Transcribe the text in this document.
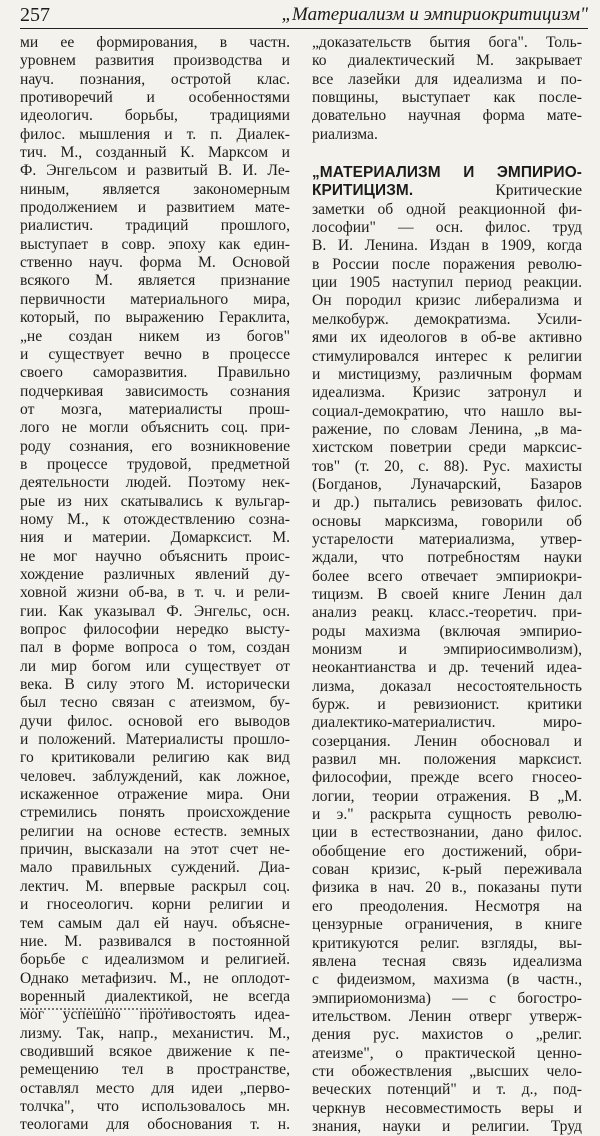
257	„Материализм и эмпириокритицизм"
ми ее формирования, в частн.
уровнем развития производства и
науч. познания, остротой клас.
противоречий и особенностями
идеологич. борьбы, традициями
филос. мышления и т. п. Диалек-
тич. М., созданный К. Марксом и
Ф. Энгельсом и развитый В. И. Ле-
ниным, является закономерным
продолжением и развитием мате-
риалистич. традиций прошлого,
выступает в совр. эпоху как един-
ственно науч. форма М. Основой
всякого М. является признание
первичности материального мира,
который, по выражению Гераклита,
„не создан никем из богов"
и существует вечно в процессе
своего саморазвития. Правильно
подчеркивая зависимость сознания
от мозга, материалисты прош-
лого не могли объяснить соц. при-
роду сознания, его возникновение
в процессе трудовой, предметной
деятельности людей. Поэтому нек-
рые из них скатывались к вульгар-
ному М., к отождествлению созна-
ния и материи. Домарксист. М.
не мог научно объяснить проис-
хождение различных явлений ду-
ховной жизни об-ва, в т. ч. и рели-
гии. Как указывал Ф. Энгельс, осн.
вопрос философии нередко высту-
пал в форме вопроса о том, создан
ли мир богом или существует от
века. В силу этого М. исторически
был тесно связан с атеизмом, бу-
дучи филос. основой его выводов
и положений. Материалисты прошло-
го критиковали религию как вид
человеч. заблуждений, как ложное,
искаженное отражение мира. Они
стремились понять происхождение
религии на основе естеств. земных
причин, высказали на этот счет не-
мало правильных суждений. Диа-
лектич. М. впервые раскрыл соц.
и гносеологич. корни религии и
тем самым дал ей науч. объясне-
ние. М. развивался в постоянной
борьбе с идеализмом и религией.
Однако метафизич. М., не оплодот-
воренный диалектикой, не всегда
мог успешно противостоять идеа-
лизму. Так, напр., механистич. М.,
сводивший всякое движение к пе-
ремещению тел в пространстве,
оставлял место для идеи „перво-
толчка", что использовалось мн.
теологами для обоснования т. н.
„доказательств бытия бога". Толь-
ко диалектический М. закрывает
все лазейки для идеализма и по-
повщины, выступает как после-
довательно научная форма мате-
риализма.
„МАТЕРИАЛИЗМ И ЭМПИРИО-
КРИТИЦИЗМ. Критические
заметки об одной реакционной фи-
лософии" — осн. филос. труд
В. И. Ленина. Издан в 1909, когда
в России после поражения револю-
ции 1905 наступил период реакции.
Он породил кризис либерализма и
мелкобурж. демократизма. Усили-
ями их идеологов в об-ве активно
стимулировался интерес к религии
и мистицизму, различным формам
идеализма. Кризис затронул и
социал-демократию, что нашло вы-
ражение, по словам Ленина, „в ма-
хистском поветрии среди марксис-
тов" (т. 20, с. 88). Рус. махисты
(Богданов, Луначарский, Базаров
и др.) пытались ревизовать филос.
основы марксизма, говорили об
устарелости материализма, утвер-
ждали, что потребностям науки
более всего отвечает эмпириокри-
тицизм. В своей книге Ленин дал
анализ реакц. класс.-теоретич. при-
роды махизма (включая эмпирио-
монизм и эмпириосимволизм),
неокантианства и др. течений идеа-
лизма, доказал несостоятельность
бурж. и ревизионист. критики
диалектико-материалистич. миро-
созерцания. Ленин обосновал и
развил мн. положения марксист.
философии, прежде всего гносео-
логии, теории отражения. В „М.
и э." раскрыта сущность револю-
ции в естествознании, дано филос.
обобщение его достижений, обри-
сован кризис, к-рый переживала
физика в нач. 20 в., показаны пути
его преодоления. Несмотря на
цензурные ограничения, в книге
критикуются религ. взгляды, вы-
явлена тесная связь идеализма
с фидеизмом, махизма (в частн.,
эмпириомонизма) — с богостро-
ительством. Ленин отверг утверж-
дения рус. махистов о „религ.
атеизме", о практической ценно-
сти обожествления „высших чело-
веческих потенций" и т. д., под-
черкнув несовместимость веры и
знания, науки и религии. Труд
